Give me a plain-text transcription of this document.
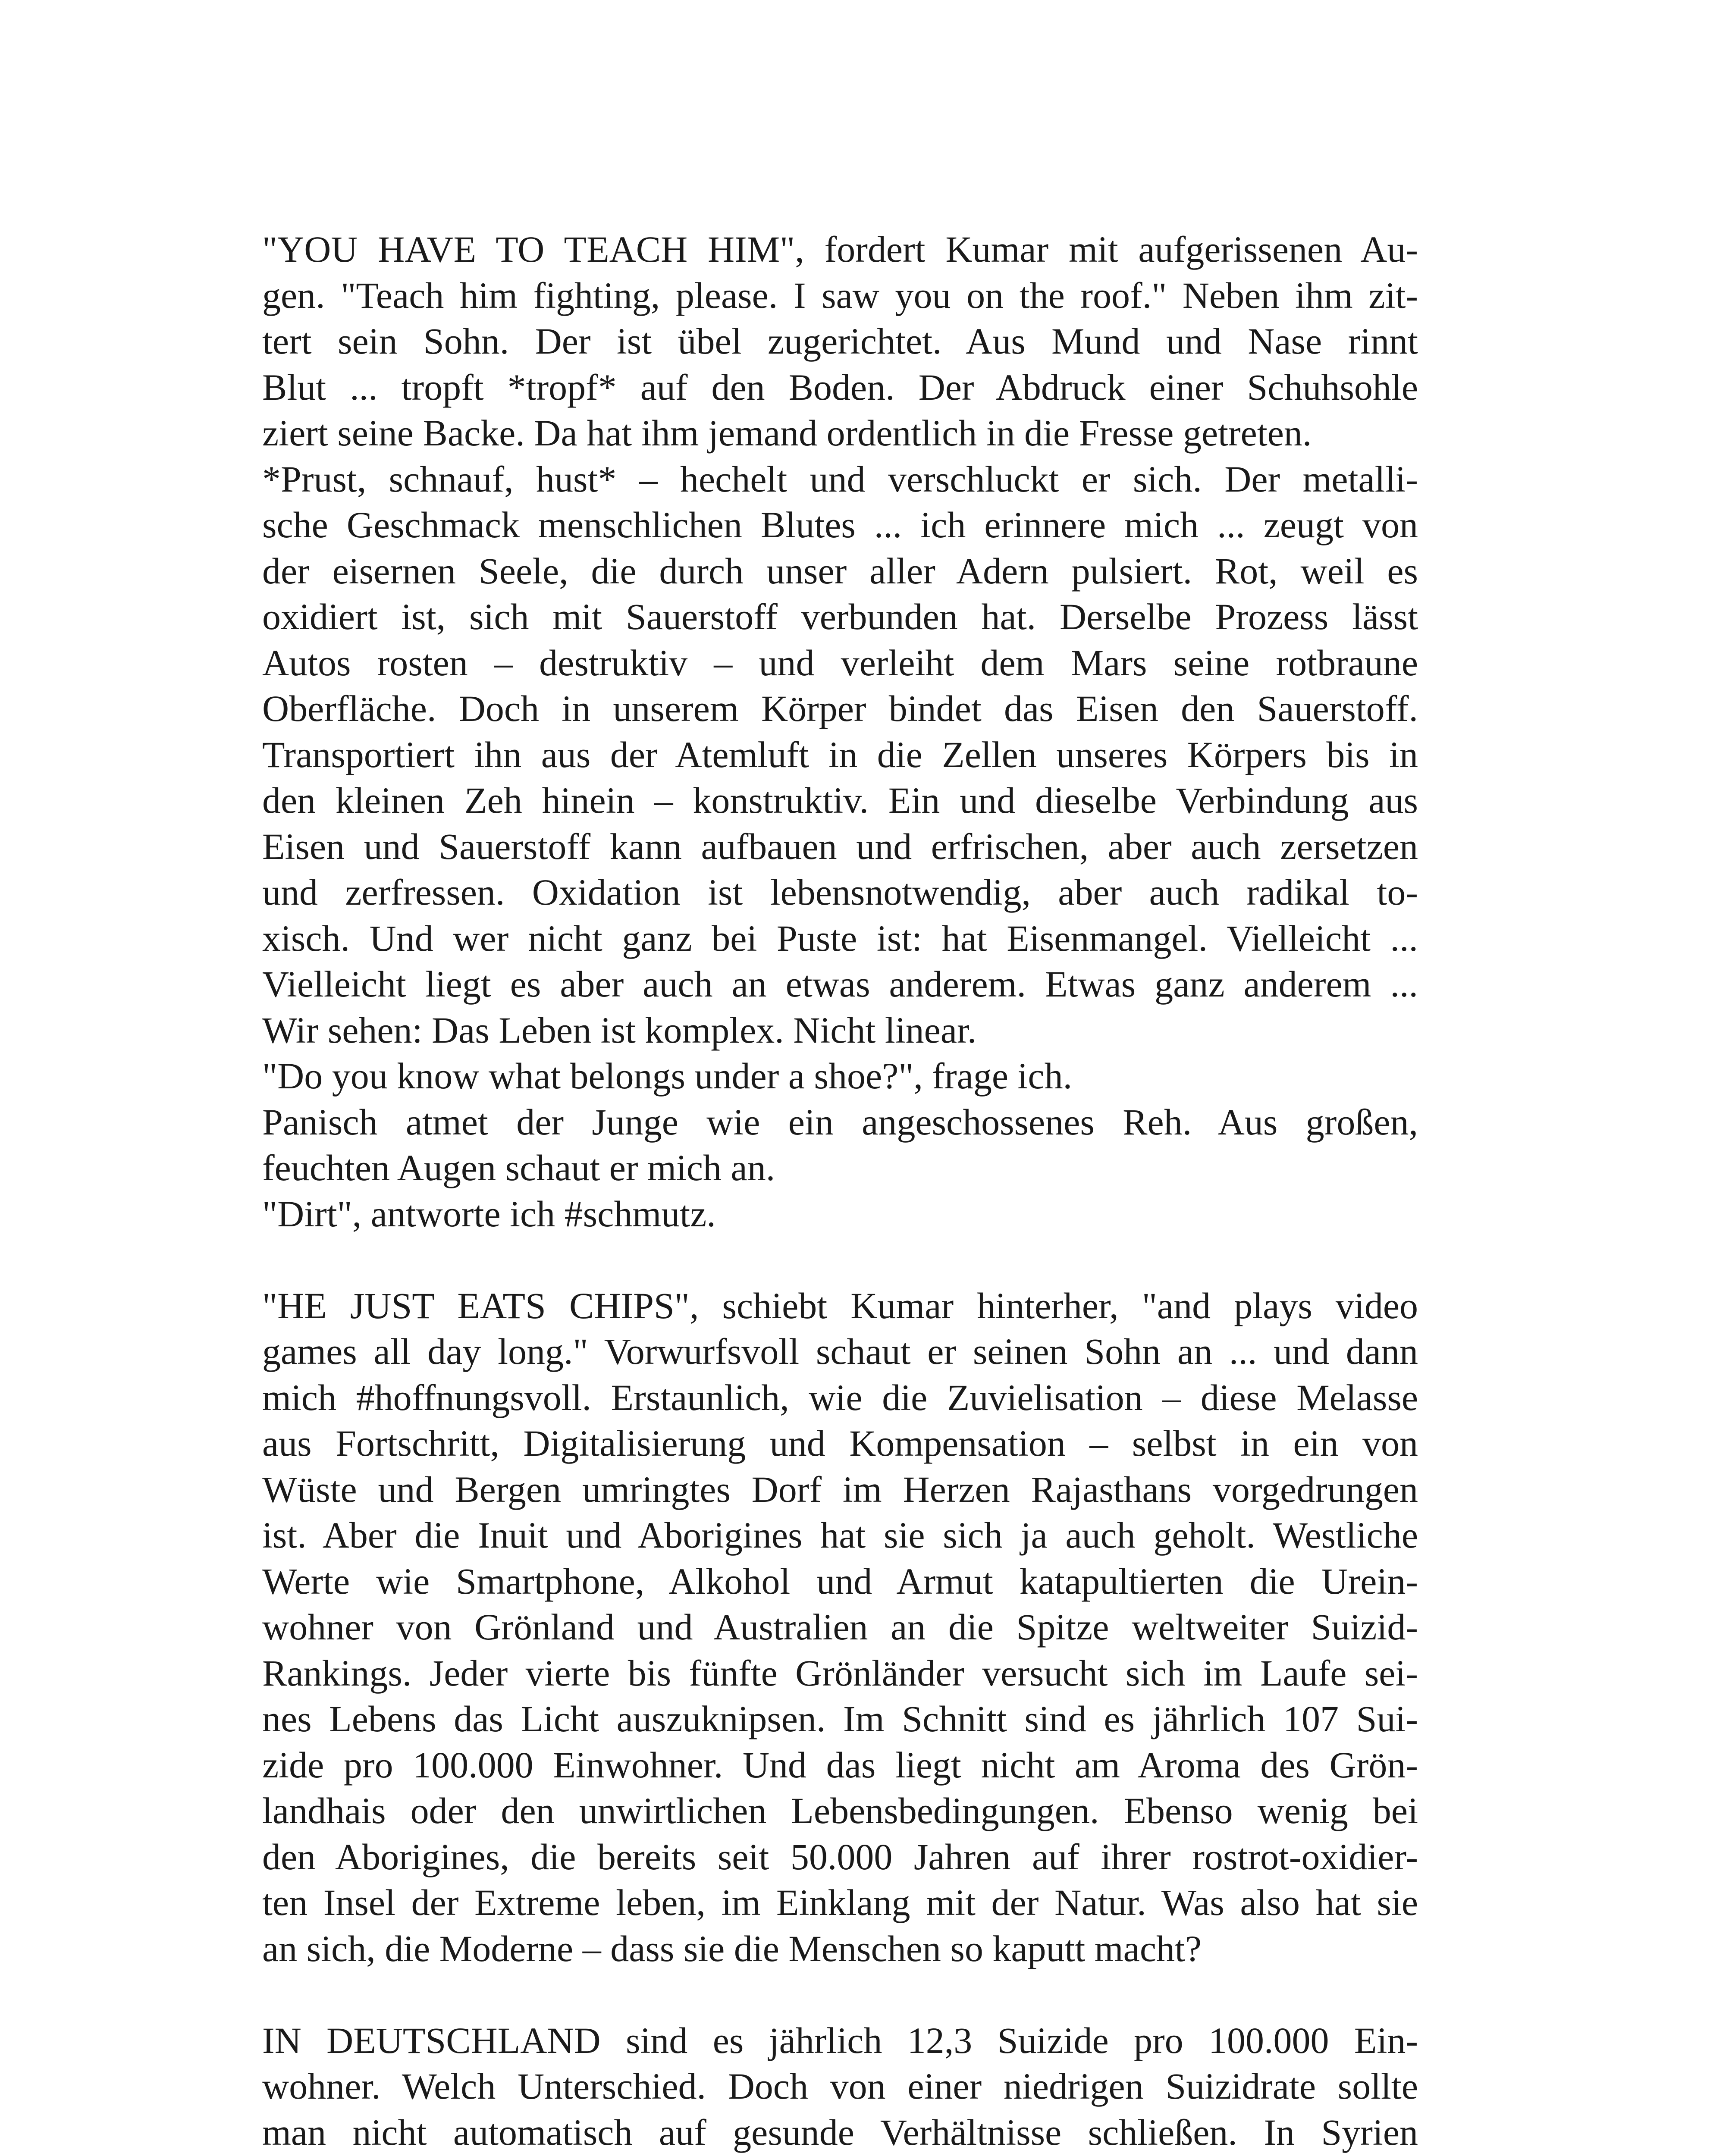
"YOU HAVE TO TEACH HIM", fordert Kumar mit aufgerissenen Au-
gen. "Teach him fighting, please. I saw you on the roof." Neben ihm zit-
tert sein Sohn. Der ist übel zugerichtet. Aus Mund und Nase rinnt
Blut ... tropft *tropf* auf den Boden. Der Abdruck einer Schuhsohle
ziert seine Backe. Da hat ihm jemand ordentlich in die Fresse getreten.
*Prust, schnauf, hust* – hechelt und verschluckt er sich. Der metalli-
sche Geschmack menschlichen Blutes ... ich erinnere mich ... zeugt von
der eisernen Seele, die durch unser aller Adern pulsiert. Rot, weil es
oxidiert ist, sich mit Sauerstoff verbunden hat. Derselbe Prozess lässt
Autos rosten – destruktiv – und verleiht dem Mars seine rotbraune
Oberfläche. Doch in unserem Körper bindet das Eisen den Sauerstoff.
Transportiert ihn aus der Atemluft in die Zellen unseres Körpers bis in
den kleinen Zeh hinein – konstruktiv. Ein und dieselbe Verbindung aus
Eisen und Sauerstoff kann aufbauen und erfrischen, aber auch zersetzen
und zerfressen. Oxidation ist lebensnotwendig, aber auch radikal to-
xisch. Und wer nicht ganz bei Puste ist: hat Eisenmangel. Vielleicht ...
Vielleicht liegt es aber auch an etwas anderem. Etwas ganz anderem ...
Wir sehen: Das Leben ist komplex. Nicht linear.
"Do you know what belongs under a shoe?", frage ich.
Panisch atmet der Junge wie ein angeschossenes Reh. Aus großen,
feuchten Augen schaut er mich an.
"Dirt", antworte ich #schmutz.
"HE JUST EATS CHIPS", schiebt Kumar hinterher, "and plays video
games all day long." Vorwurfsvoll schaut er seinen Sohn an ... und dann
mich #hoffnungsvoll. Erstaunlich, wie die Zuvielisation – diese Melasse
aus Fortschritt, Digitalisierung und Kompensation – selbst in ein von
Wüste und Bergen umringtes Dorf im Herzen Rajasthans vorgedrungen
ist. Aber die Inuit und Aborigines hat sie sich ja auch geholt. Westliche
Werte wie Smartphone, Alkohol und Armut katapultierten die Urein-
wohner von Grönland und Australien an die Spitze weltweiter Suizid-
Rankings. Jeder vierte bis fünfte Grönländer versucht sich im Laufe sei-
nes Lebens das Licht auszuknipsen. Im Schnitt sind es jährlich 107 Sui-
zide pro 100.000 Einwohner. Und das liegt nicht am Aroma des Grön-
landhais oder den unwirtlichen Lebensbedingungen. Ebenso wenig bei
den Aborigines, die bereits seit 50.000 Jahren auf ihrer rostrot-oxidier-
ten Insel der Extreme leben, im Einklang mit der Natur. Was also hat sie
an sich, die Moderne – dass sie die Menschen so kaputt macht?
IN DEUTSCHLAND sind es jährlich 12,3 Suizide pro 100.000 Ein-
wohner. Welch Unterschied. Doch von einer niedrigen Suizidrate sollte
man nicht automatisch auf gesunde Verhältnisse schließen. In Syrien
